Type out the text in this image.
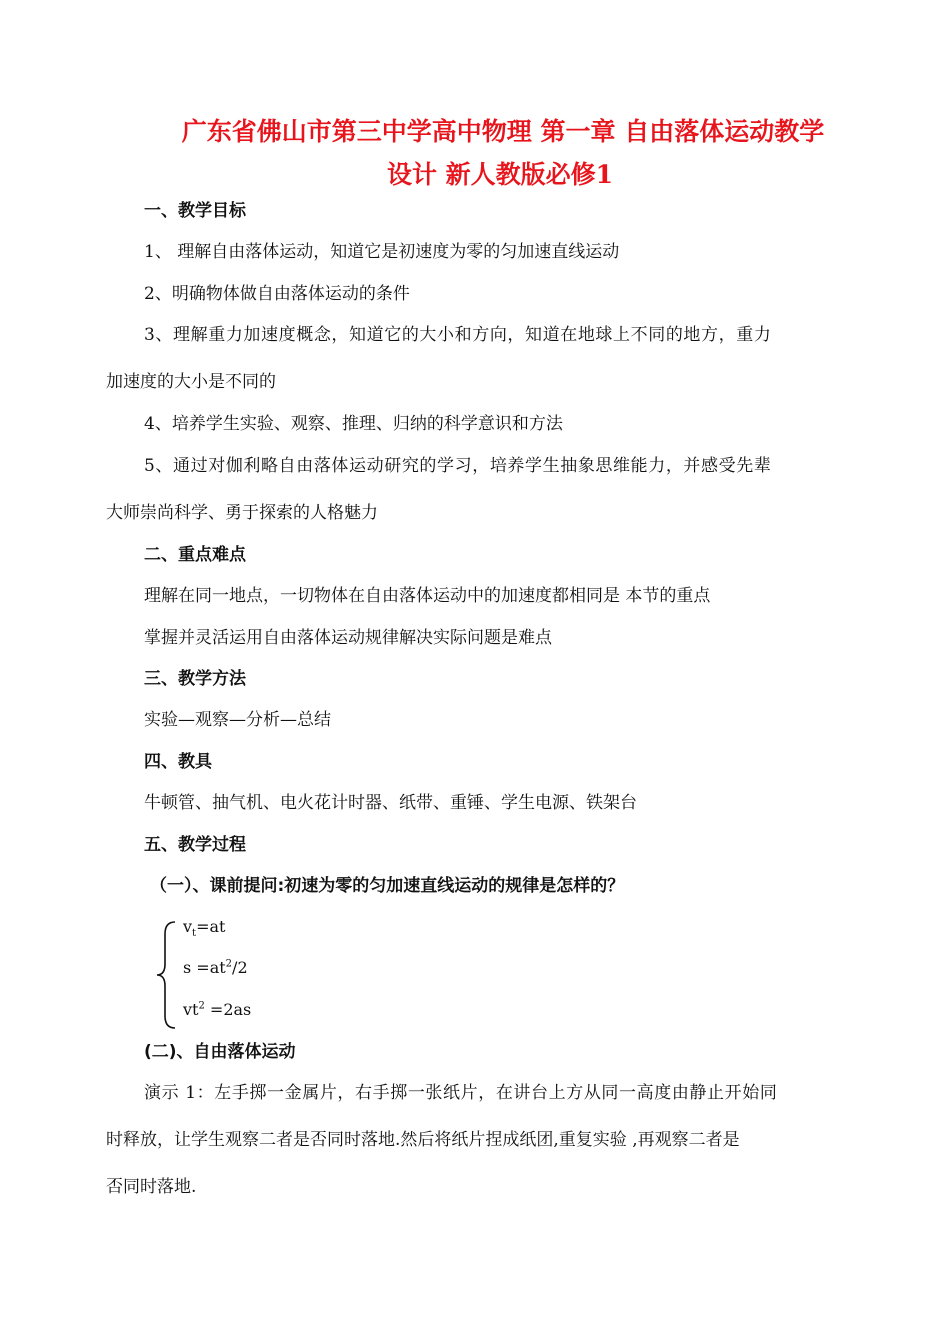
广东省佛山市第三中学高中物理 第一章 自由落体运动教学
设计 新人教版必修1
一、教学目标
1、 理解自由落体运动，知道它是初速度为零的匀加速直线运动
2、明确物体做自由落体运动的条件
3、理解重力加速度概念，知道它的大小和方向，知道在地球上不同的地方，重力
加速度的大小是不同的
4、培养学生实验、观察、推理、归纳的科学意识和方法
5、通过对伽利略自由落体运动研究的学习，培养学生抽象思维能力，并感受先辈
大师崇尚科学、勇于探索的人格魅力
二、重点难点
理解在同一地点，一切物体在自由落体运动中的加速度都相同是 本节的重点
掌握并灵活运用自由落体运动规律解决实际问题是难点
三、教学方法
实验—观察—分析—总结
四、教具
牛顿管、抽气机、电火花计时器、纸带、重锤、学生电源、铁架台
五、教学过程
（一）、课前提问:初速为零的匀加速直线运动的规律是怎样的？
$v_t=at$
$s =at^2/2$
$vt^2 =2as$
(二)、自由落体运动
演示 1：左手掷一金属片，右手掷一张纸片，在讲台上方从同一高度由静止开始同
时释放，让学生观察二者是否同时落地.然后将纸片捏成纸团,重复实验 ,再观察二者是
否同时落地.
